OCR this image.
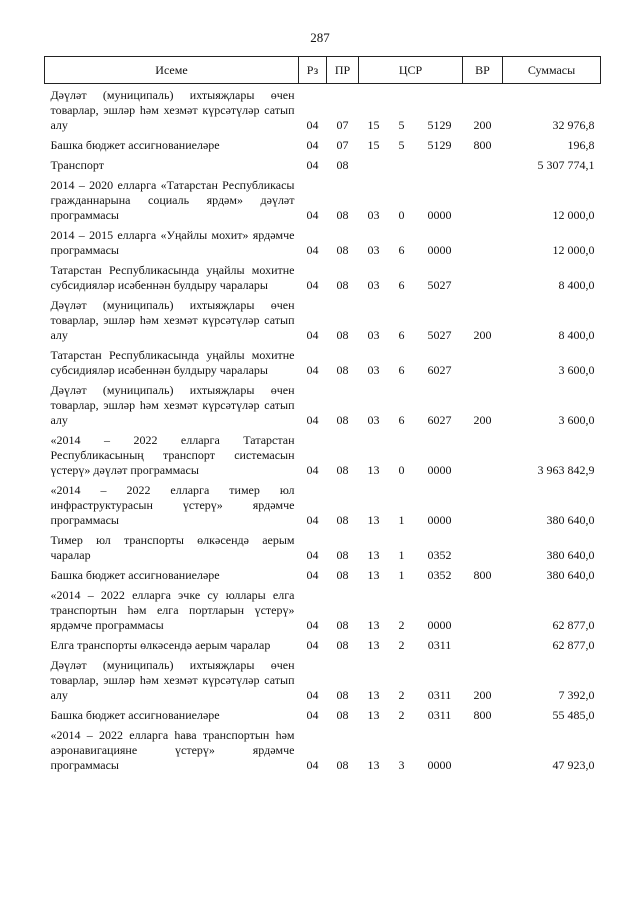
287
Исеме	Рз	ПР	ЦСР	ВР	Суммасы
Дәүләт (муниципаль) ихтыяҗлары өчен товарлар, эшләр һәм хезмәт күрсәтүләр сатып алу	04	07	15 5 5129	200	32 976,8
Башка бюджет ассигнованиеләре	04	07	15 5 5129	800	196,8
Транспорт	04	08			5 307 774,1
2014 – 2020 елларга «Татарстан Республикасы гражданнарына социаль ярдәм» дәүләт программасы	04	08	03 0 0000		12 000,0
2014 – 2015 елларга «Уңайлы мохит» ярдәмче программасы	04	08	03 6 0000		12 000,0
Татарстан Республикасында уңайлы мохитне субсидияләр исәбеннән булдыру чаралары	04	08	03 6 5027		8 400,0
Дәүләт (муниципаль) ихтыяҗлары өчен товарлар, эшләр һәм хезмәт күрсәтүләр сатып алу	04	08	03 6 5027	200	8 400,0
Татарстан Республикасында уңайлы мохитне субсидияләр исәбеннән булдыру чаралары	04	08	03 6 6027		3 600,0
Дәүләт (муниципаль) ихтыяҗлары өчен товарлар, эшләр һәм хезмәт күрсәтүләр сатып алу	04	08	03 6 6027	200	3 600,0
«2014 – 2022 елларга Татарстан Республикасының транспорт системасын үстерү» дәүләт программасы	04	08	13 0 0000		3 963 842,9
«2014 – 2022 елларга тимер юл инфраструктурасын үстерү» ярдәмче программасы	04	08	13 1 0000		380 640,0
Тимер юл транспорты өлкәсендә аерым чаралар	04	08	13 1 0352		380 640,0
Башка бюджет ассигнованиеләре	04	08	13 1 0352	800	380 640,0
«2014 – 2022 елларга эчке су юллары елга транспортын һәм елга портларын үстерү» ярдәмче программасы	04	08	13 2 0000		62 877,0
Елга транспорты өлкәсендә аерым чаралар	04	08	13 2 0311		62 877,0
Дәүләт (муниципаль) ихтыяҗлары өчен товарлар, эшләр һәм хезмәт күрсәтүләр сатып алу	04	08	13 2 0311	200	7 392,0
Башка бюджет ассигнованиеләре	04	08	13 2 0311	800	55 485,0
«2014 – 2022 елларга һава транспортын һәм аэронавигацияне үстерү» ярдәмче программасы	04	08	13 3 0000		47 923,0
